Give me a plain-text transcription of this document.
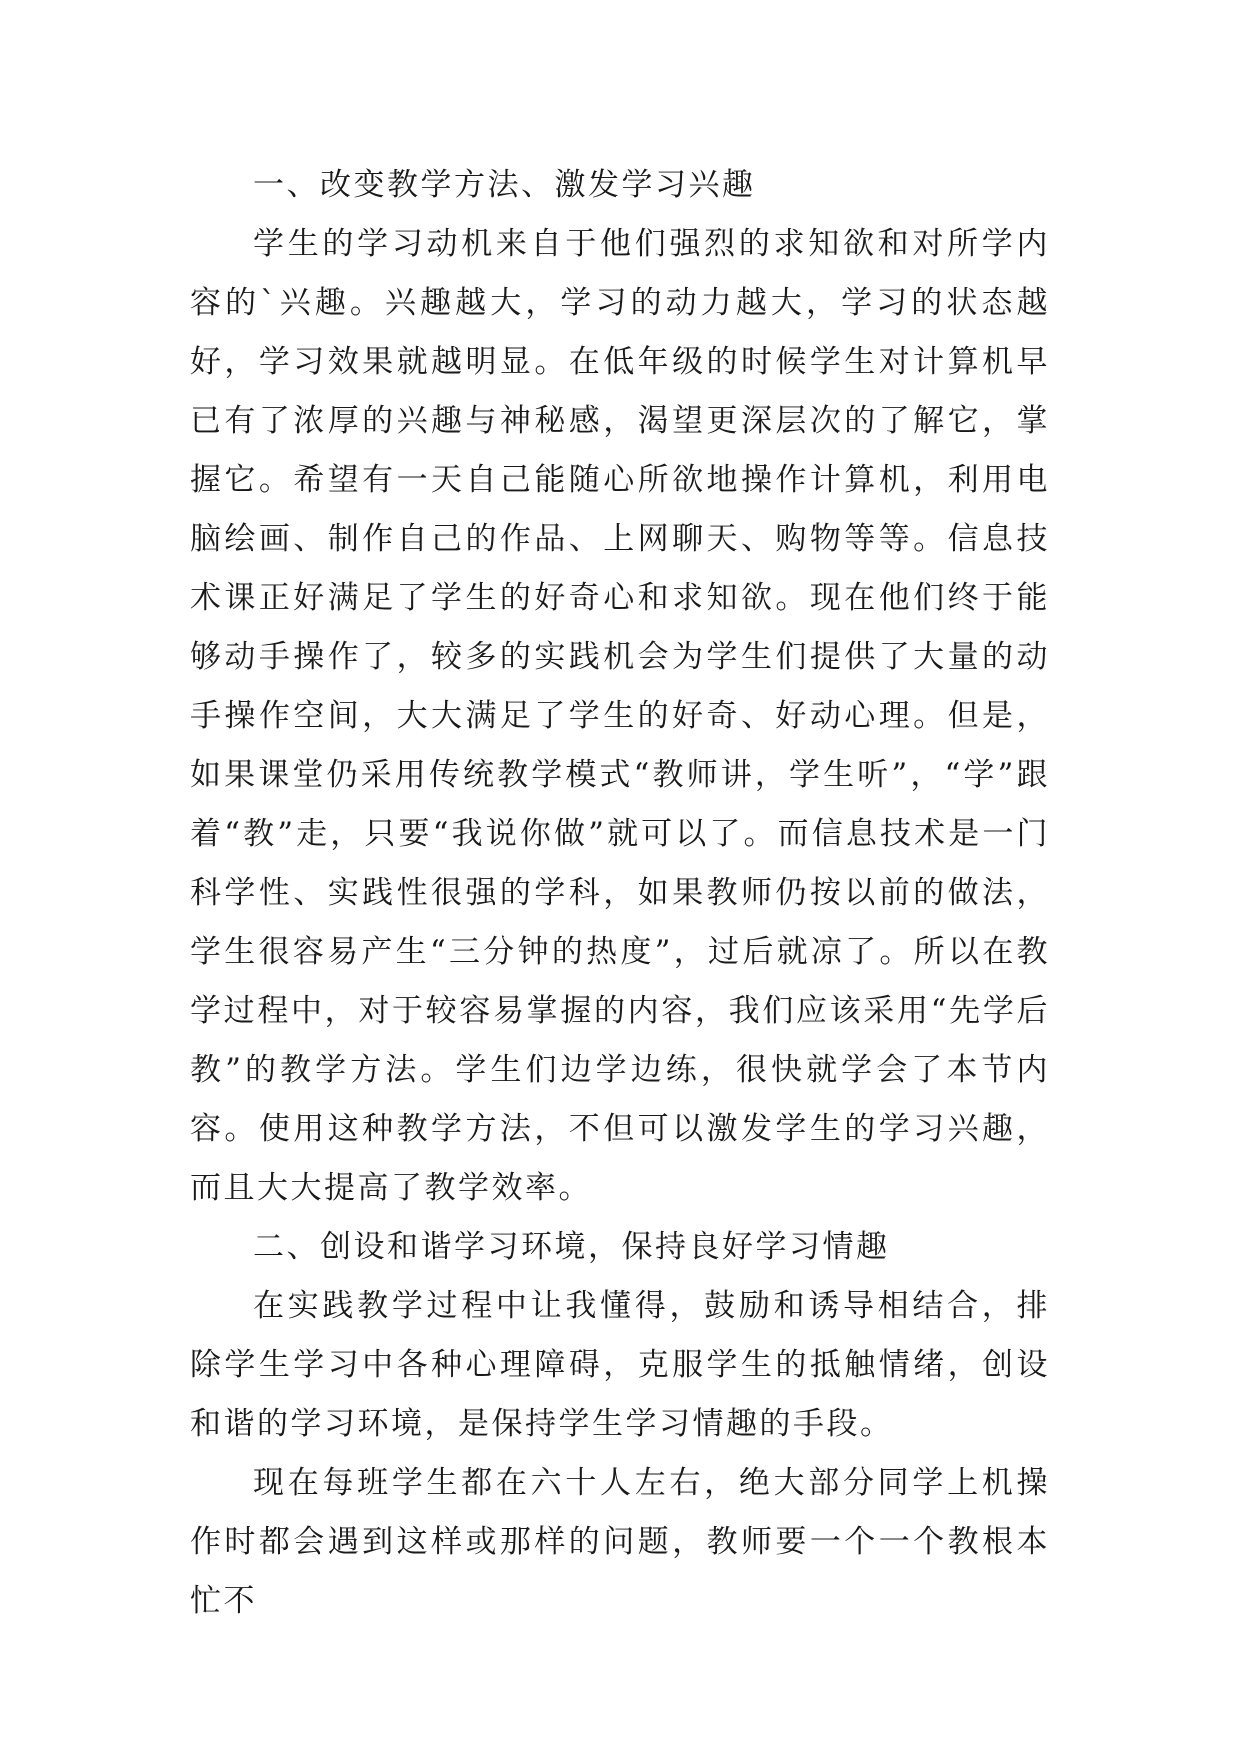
一、改变教学方法、激发学习兴趣

学生的学习动机来自于他们强烈的求知欲和对所学内容的`兴趣。兴趣越大，学习的动力越大，学习的状态越好，学习效果就越明显。在低年级的时候学生对计算机早已有了浓厚的兴趣与神秘感，渴望更深层次的了解它，掌握它。希望有一天自己能随心所欲地操作计算机，利用电脑绘画、制作自己的作品、上网聊天、购物等等。信息技术课正好满足了学生的好奇心和求知欲。现在他们终于能够动手操作了，较多的实践机会为学生们提供了大量的动手操作空间，大大满足了学生的好奇、好动心理。但是，如果课堂仍采用传统教学模式“教师讲，学生听”，“学”跟着“教”走，只要“我说你做”就可以了。而信息技术是一门科学性、实践性很强的学科，如果教师仍按以前的做法，学生很容易产生“三分钟的热度”，过后就凉了。所以在教学过程中，对于较容易掌握的内容，我们应该采用“先学后教”的教学方法。学生们边学边练，很快就学会了本节内容。使用这种教学方法，不但可以激发学生的学习兴趣，而且大大提高了教学效率。

二、创设和谐学习环境，保持良好学习情趣

在实践教学过程中让我懂得，鼓励和诱导相结合，排除学生学习中各种心理障碍，克服学生的抵触情绪，创设和谐的学习环境，是保持学生学习情趣的手段。

现在每班学生都在六十人左右，绝大部分同学上机操作时都会遇到这样或那样的问题，教师要一个一个教根本忙不
